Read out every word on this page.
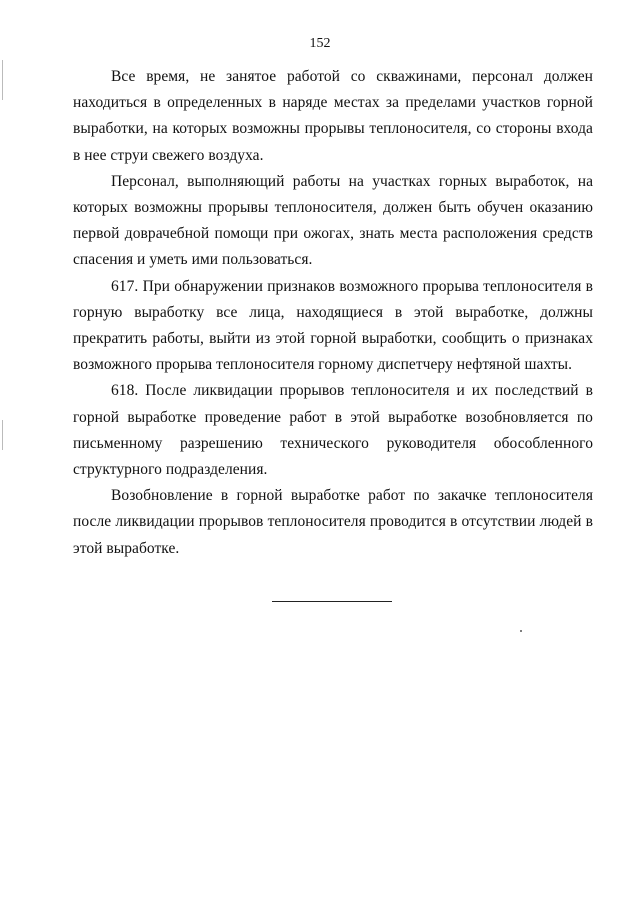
152

Все время, не занятое работой со скважинами, персонал должен находиться в определенных в наряде местах за пределами участков горной выработки, на которых возможны прорывы теплоносителя, со стороны входа в нее струи свежего воздуха.

Персонал, выполняющий работы на участках горных выработок, на которых возможны прорывы теплоносителя, должен быть обучен оказанию первой доврачебной помощи при ожогах, знать места расположения средств спасения и уметь ими пользоваться.

617. При обнаружении признаков возможного прорыва теплоносителя в горную выработку все лица, находящиеся в этой выработке, должны прекратить работы, выйти из этой горной выработки, сообщить о признаках возможного прорыва теплоносителя горному диспетчеру нефтяной шахты.

618. После ликвидации прорывов теплоносителя и их последствий в горной выработке проведение работ в этой выработке возобновляется по письменному разрешению технического руководителя обособленного структурного подразделения.

Возобновление в горной выработке работ по закачке теплоносителя после ликвидации прорывов теплоносителя проводится в отсутствии людей в этой выработке.
